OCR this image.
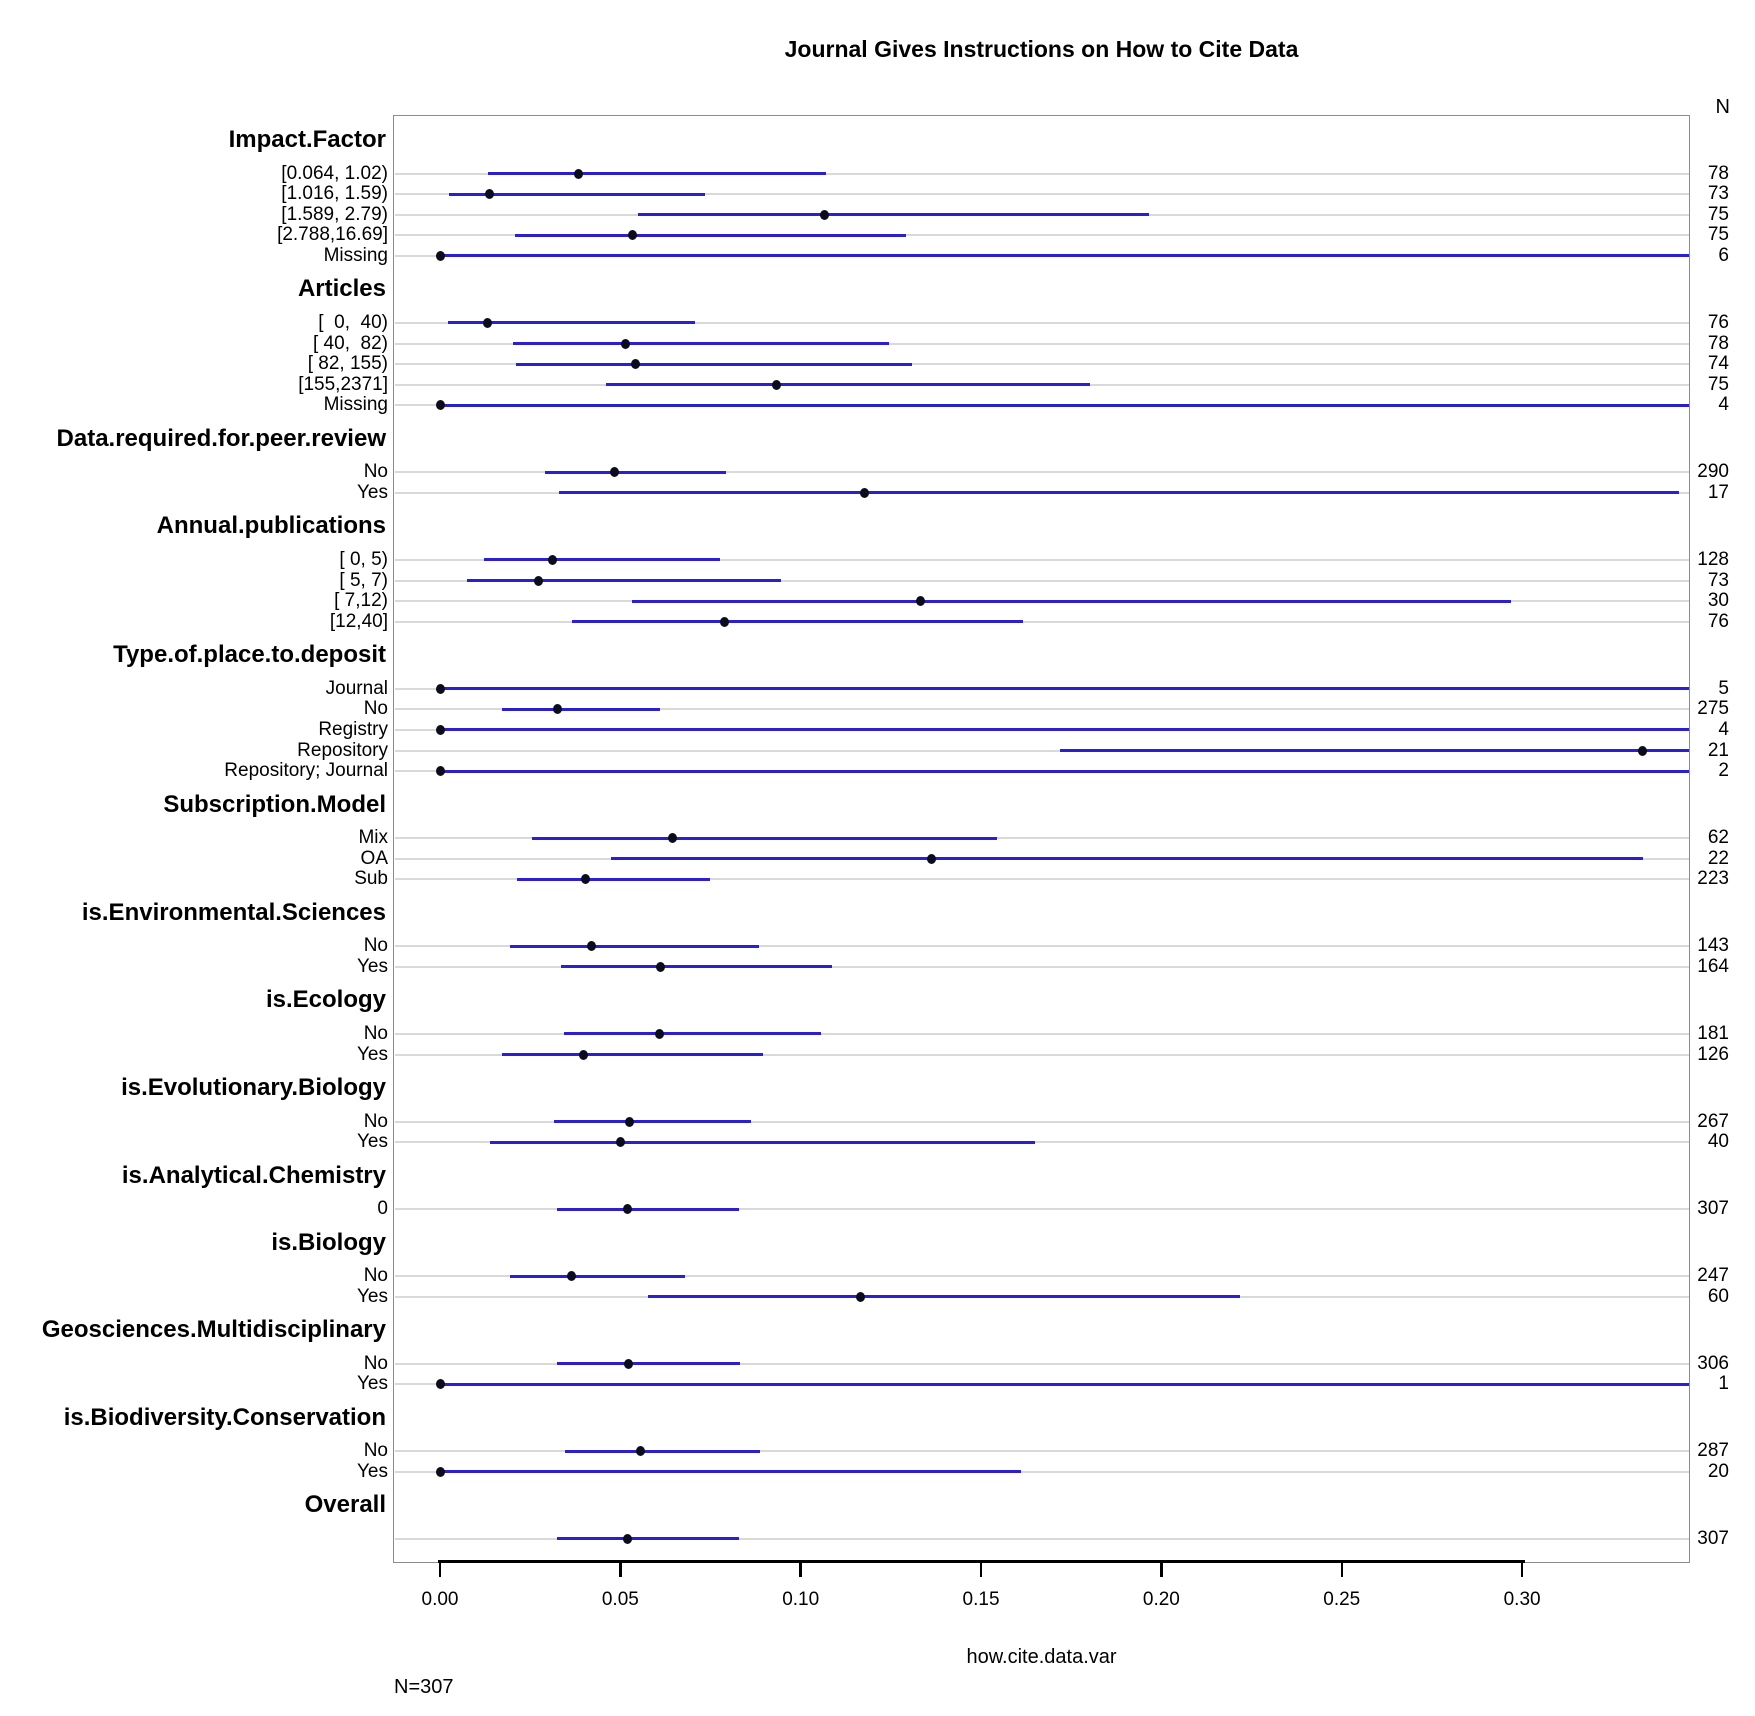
Journal Gives Instructions on How to Cite Data
N
Impact.Factor
[0.064, 1.02)	78
[1.016, 1.59)	73
[1.589, 2.79)	75
[2.788,16.69]	75
Missing	6
Articles
[  0,  40)	76
[ 40,  82)	78
[ 82, 155)	74
[155,2371]	75
Missing	4
Data.required.for.peer.review
No	290
Yes	17
Annual.publications
[ 0, 5)	128
[ 5, 7)	73
[ 7,12)	30
[12,40]	76
Type.of.place.to.deposit
Journal	5
No	275
Registry	4
Repository	21
Repository; Journal	2
Subscription.Model
Mix	62
OA	22
Sub	223
is.Environmental.Sciences
No	143
Yes	164
is.Ecology
No	181
Yes	126
is.Evolutionary.Biology
No	267
Yes	40
is.Analytical.Chemistry
0	307
is.Biology
No	247
Yes	60
Geosciences.Multidisciplinary
No	306
Yes	1
is.Biodiversity.Conservation
No	287
Yes	20
Overall
307
0.00	0.05	0.10	0.15	0.20	0.25	0.30
how.cite.data.var
N=307
